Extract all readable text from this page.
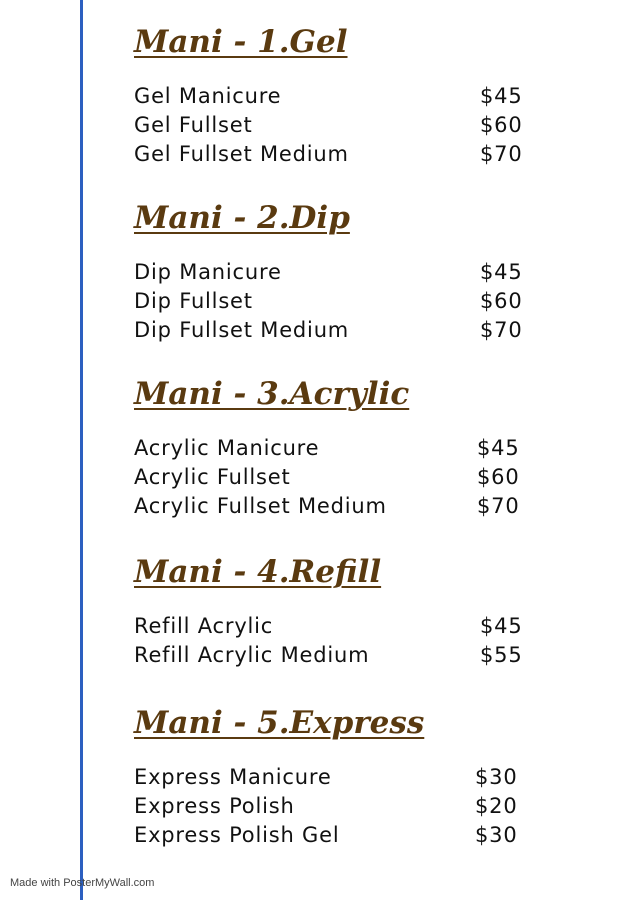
Mani - 1.Gel
Gel Manicure	$45
Gel Fullset	$60
Gel Fullset Medium	$70
Mani - 2.Dip
Dip Manicure	$45
Dip Fullset	$60
Dip Fullset Medium	$70
Mani - 3.Acrylic
Acrylic Manicure	$45
Acrylic Fullset	$60
Acrylic Fullset Medium	$70
Mani - 4.Refill
Refill Acrylic	$45
Refill Acrylic Medium	$55
Mani - 5.Express
Express Manicure	$30
Express Polish	$20
Express Polish Gel	$30
Made with PosterMyWall.com
